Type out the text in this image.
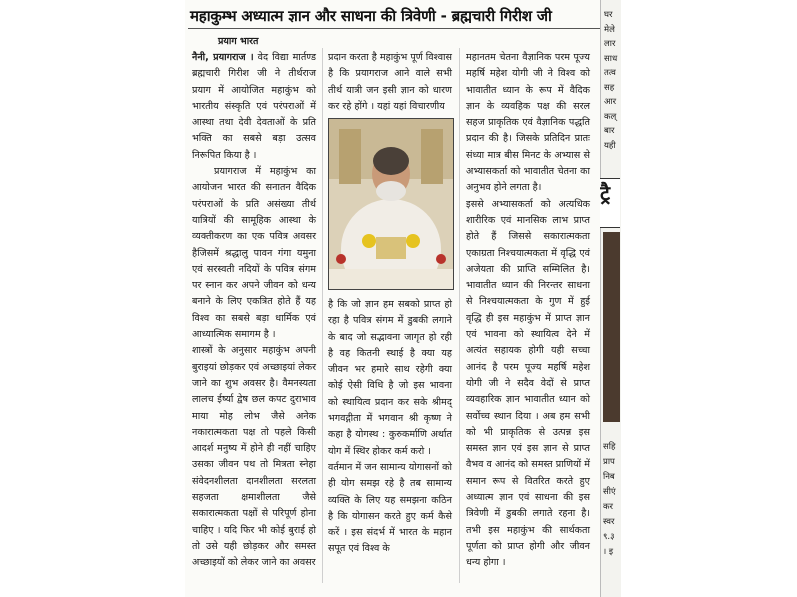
महाकुम्भ अध्यात्म ज्ञान और साधना की त्रिवेणी - ब्रह्मचारी गिरीश जी
प्रयाग भारत

नैनी, प्रयागराज । वेद विद्या मार्तण्ड ब्रह्मचारी गिरीश जी ने तीर्थराज प्रयाग में आयोजित महाकुंभ को भारतीय संस्कृति एवं परंपराओं में आस्था तथा देवी देवताओं के प्रति भक्ति का सबसे बड़ा उत्सव निरूपित किया है ।

प्रयागराज में महाकुंभ का आयोजन भारत की सनातन वैदिक परंपराओं के प्रति असंख्या तीर्थ यात्रियों की सामूहिक आस्था के व्यक्तीकरण का एक पवित्र अवसर हैजिसमें श्रद्धालु पावन गंगा यमुना एवं सरस्वती नदियों के पवित्र संगम पर स्नान कर अपने जीवन को धन्य बनाने के लिए एकत्रित होते हैं यह विश्व का सबसे बड़ा धार्मिक एवं आध्यात्मिक समागम है ।

शास्त्रों के अनुसार महाकुंभ अपनी बुराइयां छोड़कर एवं अच्छाइयां लेकर जाने का शुभ अवसर है। वैमनस्यता लालच ईर्ष्या द्वेष छल कपट दुराभाव माया मोह लोभ जैसे अनेक नकारात्मकता पक्ष तो पहले किसी आदर्श मनुष्य में होने ही नहीं चाहिए उसका जीवन पथ तो मित्रता स्नेहा संवेदनशीलता दानशीलता सरलता सहजता क्षमाशीलता जैसे सकारात्मकता पक्षों से परिपूर्ण होना चाहिए । यदि फिर भी कोई बुराई हो तो उसे यही छोड़कर और समस्त अच्छाइयों को लेकर जाने का अवसर

प्रदान करता है महाकुंभ पूर्ण विश्वास है कि प्रयागराज आने वाले सभी तीर्थ यात्री जन इसी ज्ञान को धारण कर रहे होंगे । यहां यहां विचारणीय

है कि जो ज्ञान हम सबको प्राप्त हो रहा है पवित्र संगम में डुबकी लगाने के बाद जो सद्भावना जागृत हो रही है वह कितनी स्थाई है क्या यह जीवन भर हमारे साथ रहेगी क्या कोई ऐसी विधि है जो इस भावना को स्थायित्व प्रदान कर सके श्रीमद् भगवद्गीता में भगवान श्री कृष्ण ने कहा है योगस्थ : कुरुकर्माणि अर्थात योग में स्थिर होकर कर्म करो ।

वर्तमान में जन सामान्य योगासनों को ही योग समझ रहे है तब सामान्य व्यक्ति के लिए यह समझना कठिन है कि योगासन करते हुए कर्म कैसे करें । इस संदर्भ में भारत के महान सपूत एवं विश्व के

महानतम चेतना वैज्ञानिक परम पूज्य महर्षि महेश योगी जी ने विश्व को भावातीत ध्यान के रूप में वैदिक ज्ञान के व्यवहिक पक्ष की सरल सहज प्राकृतिक एवं वैज्ञानिक पद्धति प्रदान की है। जिसके प्रतिदिन प्रातः संध्या मात्र बीस मिनट के अभ्यास से अभ्यासकर्ता को भावातीत चेतना का अनुभव होने लगता है।

इससे अभ्यासकर्ता को अत्यधिक शारीरिक एवं मानसिक लाभ प्राप्त होते हैं जिससे सकारात्मकता एकाग्रता निश्चयात्मकता में वृद्धि एवं अजेयता की प्राप्ति सम्मिलित है। भावातीत ध्यान की निरन्तर साधना से निश्चयात्मकता के गुण में हुई वृद्धि ही इस महाकुंभ में प्राप्त ज्ञान एवं भावना को स्थायित्व देने में अत्यंत सहायक होगी यही सच्चा आनंद है परम पूज्य महर्षि महेश योगी जी ने सदैव वेदों से प्राप्त व्यवहारिक ज्ञान भावातीत ध्यान को सर्वोच्च स्थान दिया । अब हम सभी को भी प्राकृतिक से उत्पन्न इस समस्त ज्ञान एवं इस ज्ञान से प्राप्त वैभव व आनंद को समस्त प्राणियों में समान रूप से वितरित करते हुए अध्यात्म ज्ञान एवं साधना की इस त्रिवेणी में डुबकी लगाते रहना है। तभी इस महाकुंभ की सार्थकता पूर्णता को प्राप्त होगी और जीवन धन्य होगा ।

घर
मेले
लार
साध
तत्व
सह
आर
कल्
बार
यही
ट्रै
सहि
प्राप
निब
सीएं
कर
स्वर
९.३
। इ
